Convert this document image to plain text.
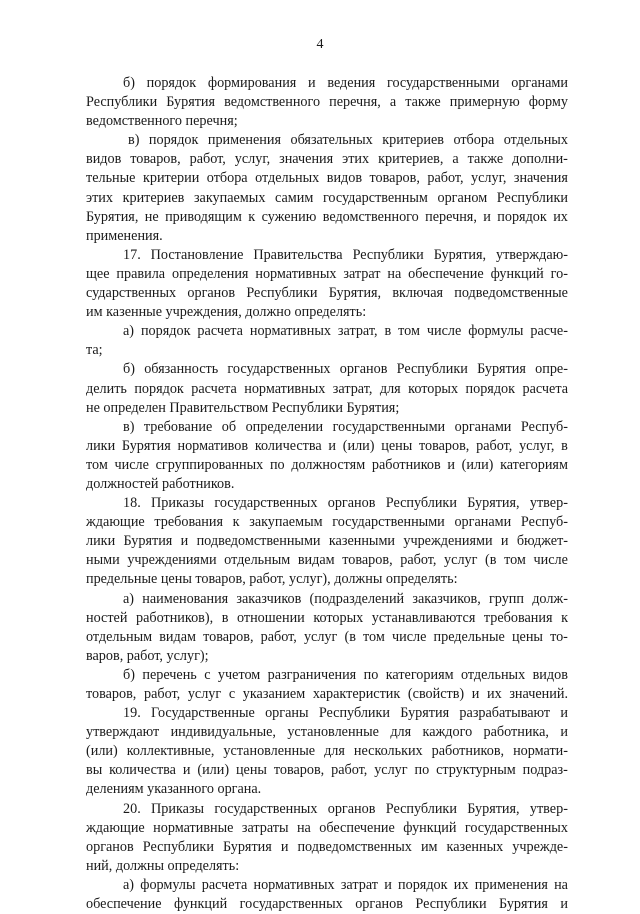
4
б) порядок формирования и ведения государственными органами
Республики Бурятия ведомственного перечня, а также примерную форму
ведомственного перечня;
в) порядок применения обязательных критериев отбора отдельных
видов товаров, работ, услуг, значения этих критериев, а также дополни-
тельные критерии отбора отдельных видов товаров, работ, услуг, значения
этих критериев закупаемых самим государственным органом Республики
Бурятия, не приводящим к сужению ведомственного перечня, и порядок их
применения.
17. Постановление Правительства Республики Бурятия, утверждаю-
щее правила определения нормативных затрат на обеспечение функций го-
сударственных органов Республики Бурятия, включая подведомственные
им казенные учреждения, должно определять:
а) порядок расчета нормативных затрат, в том числе формулы расче-
та;
б) обязанность государственных органов Республики Бурятия опре-
делить порядок расчета нормативных затрат, для которых порядок расчета
не определен Правительством Республики Бурятия;
в) требование об определении государственными органами Респуб-
лики Бурятия нормативов количества и (или) цены товаров, работ, услуг, в
том числе сгруппированных по должностям работников и (или) категориям
должностей работников.
18. Приказы государственных органов Республики Бурятия, утвер-
ждающие требования к закупаемым государственными органами Респуб-
лики Бурятия и подведомственными казенными учреждениями и бюджет-
ными учреждениями отдельным видам товаров, работ, услуг (в том числе
предельные цены товаров, работ, услуг), должны определять:
а) наименования заказчиков (подразделений заказчиков, групп долж-
ностей работников), в отношении которых устанавливаются требования к
отдельным видам товаров, работ, услуг (в том числе предельные цены то-
варов, работ, услуг);
б) перечень с учетом разграничения по категориям отдельных видов
товаров, работ, услуг с указанием характеристик (свойств) и их значений.
19. Государственные органы Республики Бурятия разрабатывают и
утверждают индивидуальные, установленные для каждого работника, и
(или) коллективные, установленные для нескольких работников, нормати-
вы количества и (или) цены товаров, работ, услуг по структурным подраз-
делениям указанного органа.
20. Приказы государственных органов Республики Бурятия, утвер-
ждающие нормативные затраты на обеспечение функций государственных
органов Республики Бурятия и подведомственных им казенных учрежде-
ний, должны определять:
а) формулы расчета нормативных затрат и порядок их применения на
обеспечение функций государственных органов Республики Бурятия и
